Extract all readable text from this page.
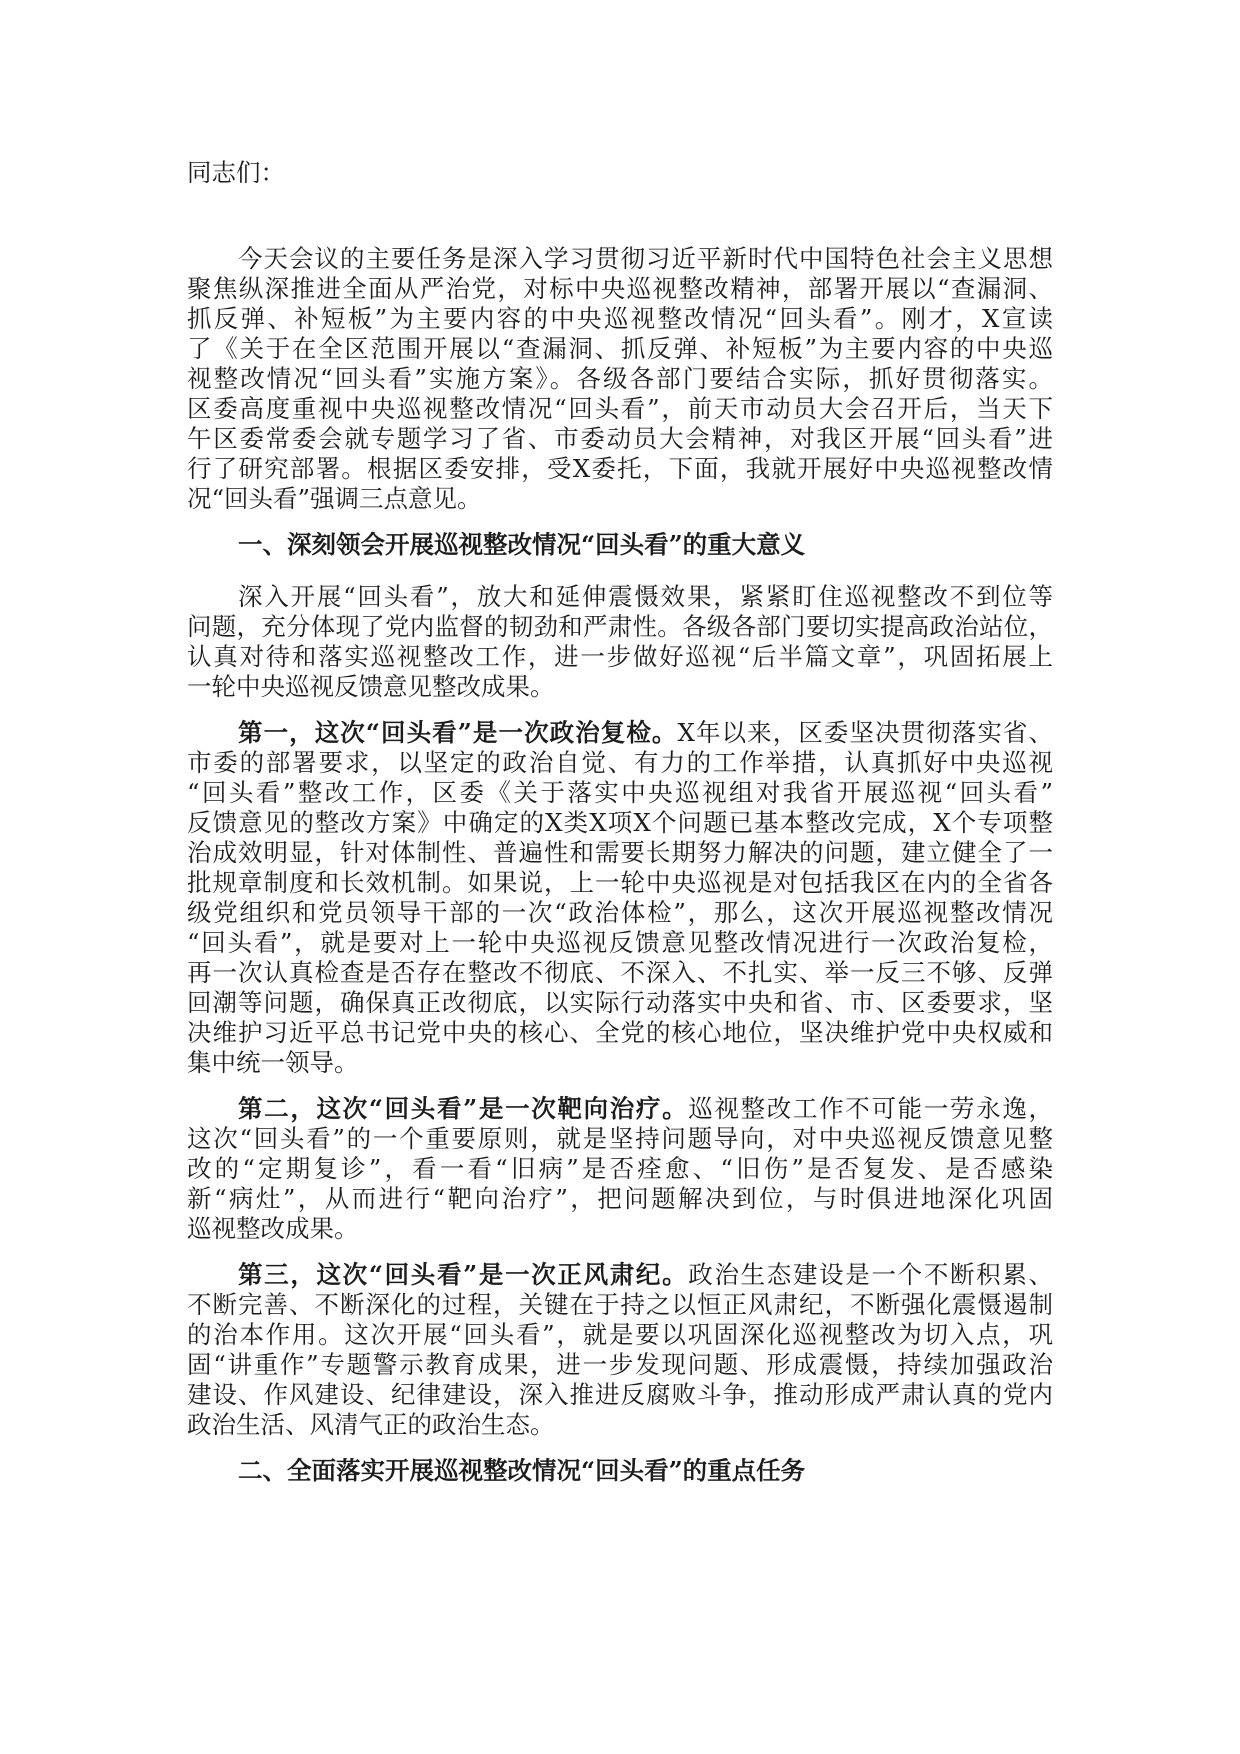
同志们：
今天会议的主要任务是深入学习贯彻习近平新时代中国特色社会主义思想
聚焦纵深推进全面从严治党，对标中央巡视整改精神，部署开展以“查漏洞、
抓反弹、补短板”为主要内容的中央巡视整改情况“回头看”。刚才，X宣读
了《关于在全区范围开展以“查漏洞、抓反弹、补短板”为主要内容的中央巡
视整改情况“回头看”实施方案》。各级各部门要结合实际，抓好贯彻落实。
区委高度重视中央巡视整改情况“回头看”，前天市动员大会召开后，当天下
午区委常委会就专题学习了省、市委动员大会精神，对我区开展“回头看”进
行了研究部署。根据区委安排，受X委托，下面，我就开展好中央巡视整改情
况“回头看”强调三点意见。
一、深刻领会开展巡视整改情况“回头看”的重大意义
深入开展“回头看”，放大和延伸震慑效果，紧紧盯住巡视整改不到位等
问题，充分体现了党内监督的韧劲和严肃性。各级各部门要切实提高政治站位，
认真对待和落实巡视整改工作，进一步做好巡视“后半篇文章”，巩固拓展上
一轮中央巡视反馈意见整改成果。
第一，这次“回头看”是一次政治复检。X年以来，区委坚决贯彻落实省、
市委的部署要求，以坚定的政治自觉、有力的工作举措，认真抓好中央巡视
“回头看”整改工作，区委《关于落实中央巡视组对我省开展巡视“回头看”
反馈意见的整改方案》中确定的X类X项X个问题已基本整改完成，X个专项整
治成效明显，针对体制性、普遍性和需要长期努力解决的问题，建立健全了一
批规章制度和长效机制。如果说，上一轮中央巡视是对包括我区在内的全省各
级党组织和党员领导干部的一次“政治体检”，那么，这次开展巡视整改情况
“回头看”，就是要对上一轮中央巡视反馈意见整改情况进行一次政治复检，
再一次认真检查是否存在整改不彻底、不深入、不扎实、举一反三不够、反弹
回潮等问题，确保真正改彻底，以实际行动落实中央和省、市、区委要求，坚
决维护习近平总书记党中央的核心、全党的核心地位，坚决维护党中央权威和
集中统一领导。
第二，这次“回头看”是一次靶向治疗。巡视整改工作不可能一劳永逸，
这次“回头看”的一个重要原则，就是坚持问题导向，对中央巡视反馈意见整
改的“定期复诊”，看一看“旧病”是否痊愈、“旧伤”是否复发、是否感染
新“病灶”，从而进行“靶向治疗”，把问题解决到位，与时俱进地深化巩固
巡视整改成果。
第三，这次“回头看”是一次正风肃纪。政治生态建设是一个不断积累、
不断完善、不断深化的过程，关键在于持之以恒正风肃纪，不断强化震慑遏制
的治本作用。这次开展“回头看”，就是要以巩固深化巡视整改为切入点，巩
固“讲重作”专题警示教育成果，进一步发现问题、形成震慑，持续加强政治
建设、作风建设、纪律建设，深入推进反腐败斗争，推动形成严肃认真的党内
政治生活、风清气正的政治生态。
二、全面落实开展巡视整改情况“回头看”的重点任务
